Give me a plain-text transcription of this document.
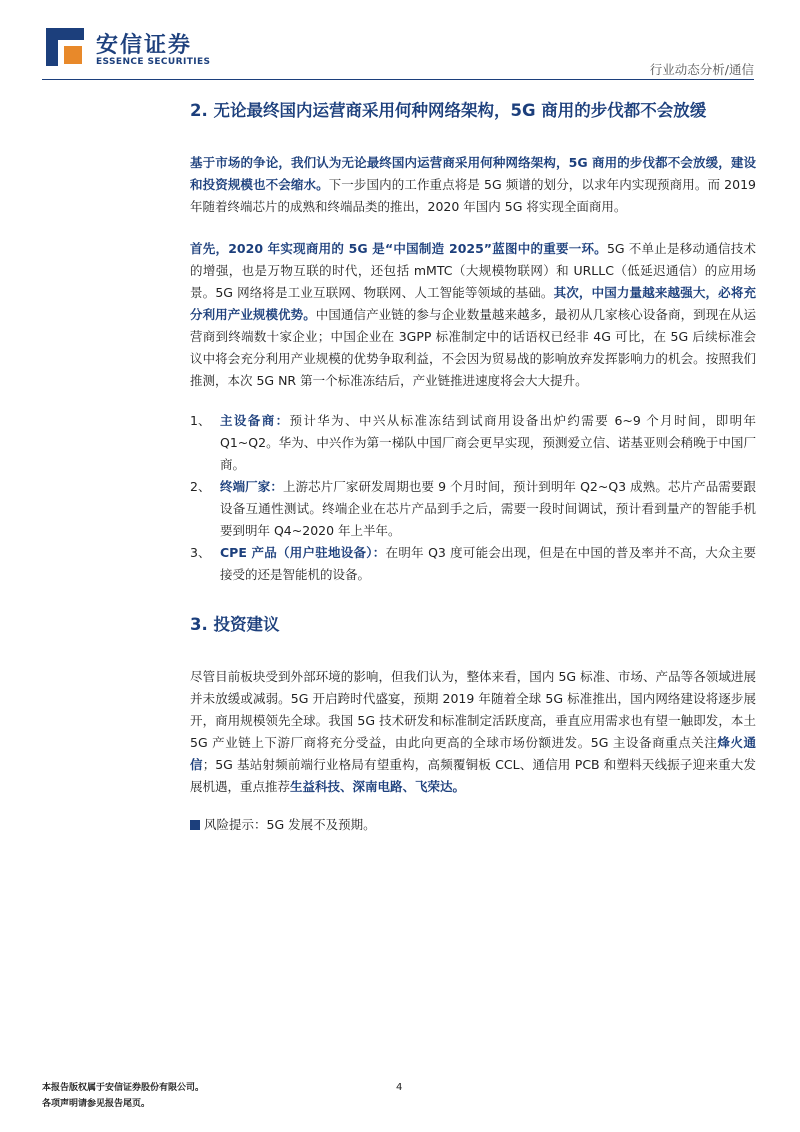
安信证券
ESSENCE SECURITIES	行业动态分析/通信
2. 无论最终国内运营商采用何种网络架构，5G 商用的步伐都不会放缓

基于市场的争论，我们认为无论最终国内运营商采用何种网络架构，5G 商用的步伐都不会放缓，建设和投资规模也不会缩水。下一步国内的工作重点将是 5G 频谱的划分，以求年内实现预商用。而 2019 年随着终端芯片的成熟和终端品类的推出，2020 年国内 5G 将实现全面商用。

首先，2020 年实现商用的 5G 是“中国制造 2025”蓝图中的重要一环。5G 不单止是移动通信技术的增强，也是万物互联的时代，还包括 mMTC（大规模物联网）和 URLLC（低延迟通信）的应用场景。5G 网络将是工业互联网、物联网、人工智能等领域的基础。其次，中国力量越来越强大，必将充分利用产业规模优势。中国通信产业链的参与企业数量越来越多，最初从几家核心设备商，到现在从运营商到终端数十家企业；中国企业在 3GPP 标准制定中的话语权已经非 4G 可比，在 5G 后续标准会议中将会充分利用产业规模的优势争取利益，不会因为贸易战的影响放弃发挥影响力的机会。按照我们推测，本次 5G NR 第一个标准冻结后，产业链推进速度将会大大提升。

1、 主设备商：预计华为、中兴从标准冻结到试商用设备出炉约需要 6~9 个月时间，即明年 Q1~Q2。华为、中兴作为第一梯队中国厂商会更早实现，预测爱立信、诺基亚则会稍晚于中国厂商。
2、 终端厂家：上游芯片厂家研发周期也要 9 个月时间，预计到明年 Q2~Q3 成熟。芯片产品需要跟设备互通性测试。终端企业在芯片产品到手之后，需要一段时间调试，预计看到量产的智能手机要到明年 Q4~2020 年上半年。
3、 CPE 产品（用户驻地设备）：在明年 Q3 度可能会出现，但是在中国的普及率并不高，大众主要接受的还是智能机的设备。
3. 投资建议

尽管目前板块受到外部环境的影响，但我们认为，整体来看，国内 5G 标准、市场、产品等各领域进展并未放缓或减弱。5G 开启跨时代盛宴，预期 2019 年随着全球 5G 标准推出，国内网络建设将逐步展开，商用规模领先全球。我国 5G 技术研发和标准制定活跃度高，垂直应用需求也有望一触即发，本土 5G 产业链上下游厂商将充分受益，由此向更高的全球市场份额进发。5G 主设备商重点关注烽火通信；5G 基站射频前端行业格局有望重构，高频覆铜板 CCL、通信用 PCB 和塑料天线振子迎来重大发展机遇，重点推荐生益科技、深南电路、飞荣达。

风险提示：5G 发展不及预期。
本报告版权属于安信证券股份有限公司。
各项声明请参见报告尾页。
4
